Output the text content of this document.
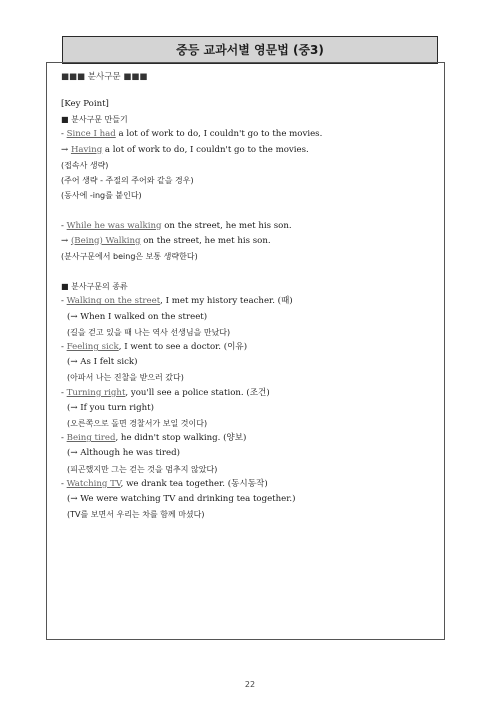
중등 교과서별 영문법 (중3)
■■■ 분사구문 ■■■
[Key Point]
■ 분사구문 만들기
- Since I had a lot of work to do, I couldn't go to the movies.
→ Having a lot of work to do, I couldn't go to the movies.
(접속사 생략)
(주어 생략 - 주절의 주어와 같을 경우)
(동사에 -ing를 붙인다)
- While he was walking on the street, he met his son.
→ (Being) Walking on the street, he met his son.
(분사구문에서 being은 보통 생략한다)
■ 분사구문의 종류
- Walking on the street, I met my history teacher. (때)
(→ When I walked on the street)
(길을 걷고 있을 때 나는 역사 선생님을 만났다)
- Feeling sick, I went to see a doctor. (이유)
(→ As I felt sick)
(아파서 나는 진찰을 받으러 갔다)
- Turning right, you'll see a police station. (조건)
(→ If you turn right)
(오른쪽으로 돌면 경찰서가 보일 것이다)
- Being tired, he didn't stop walking. (양보)
(→ Although he was tired)
(피곤했지만 그는 걷는 것을 멈추지 않았다)
- Watching TV, we drank tea together. (동시동작)
(→ We were watching TV and drinking tea together.)
(TV를 보면서 우리는 차를 함께 마셨다)
22
